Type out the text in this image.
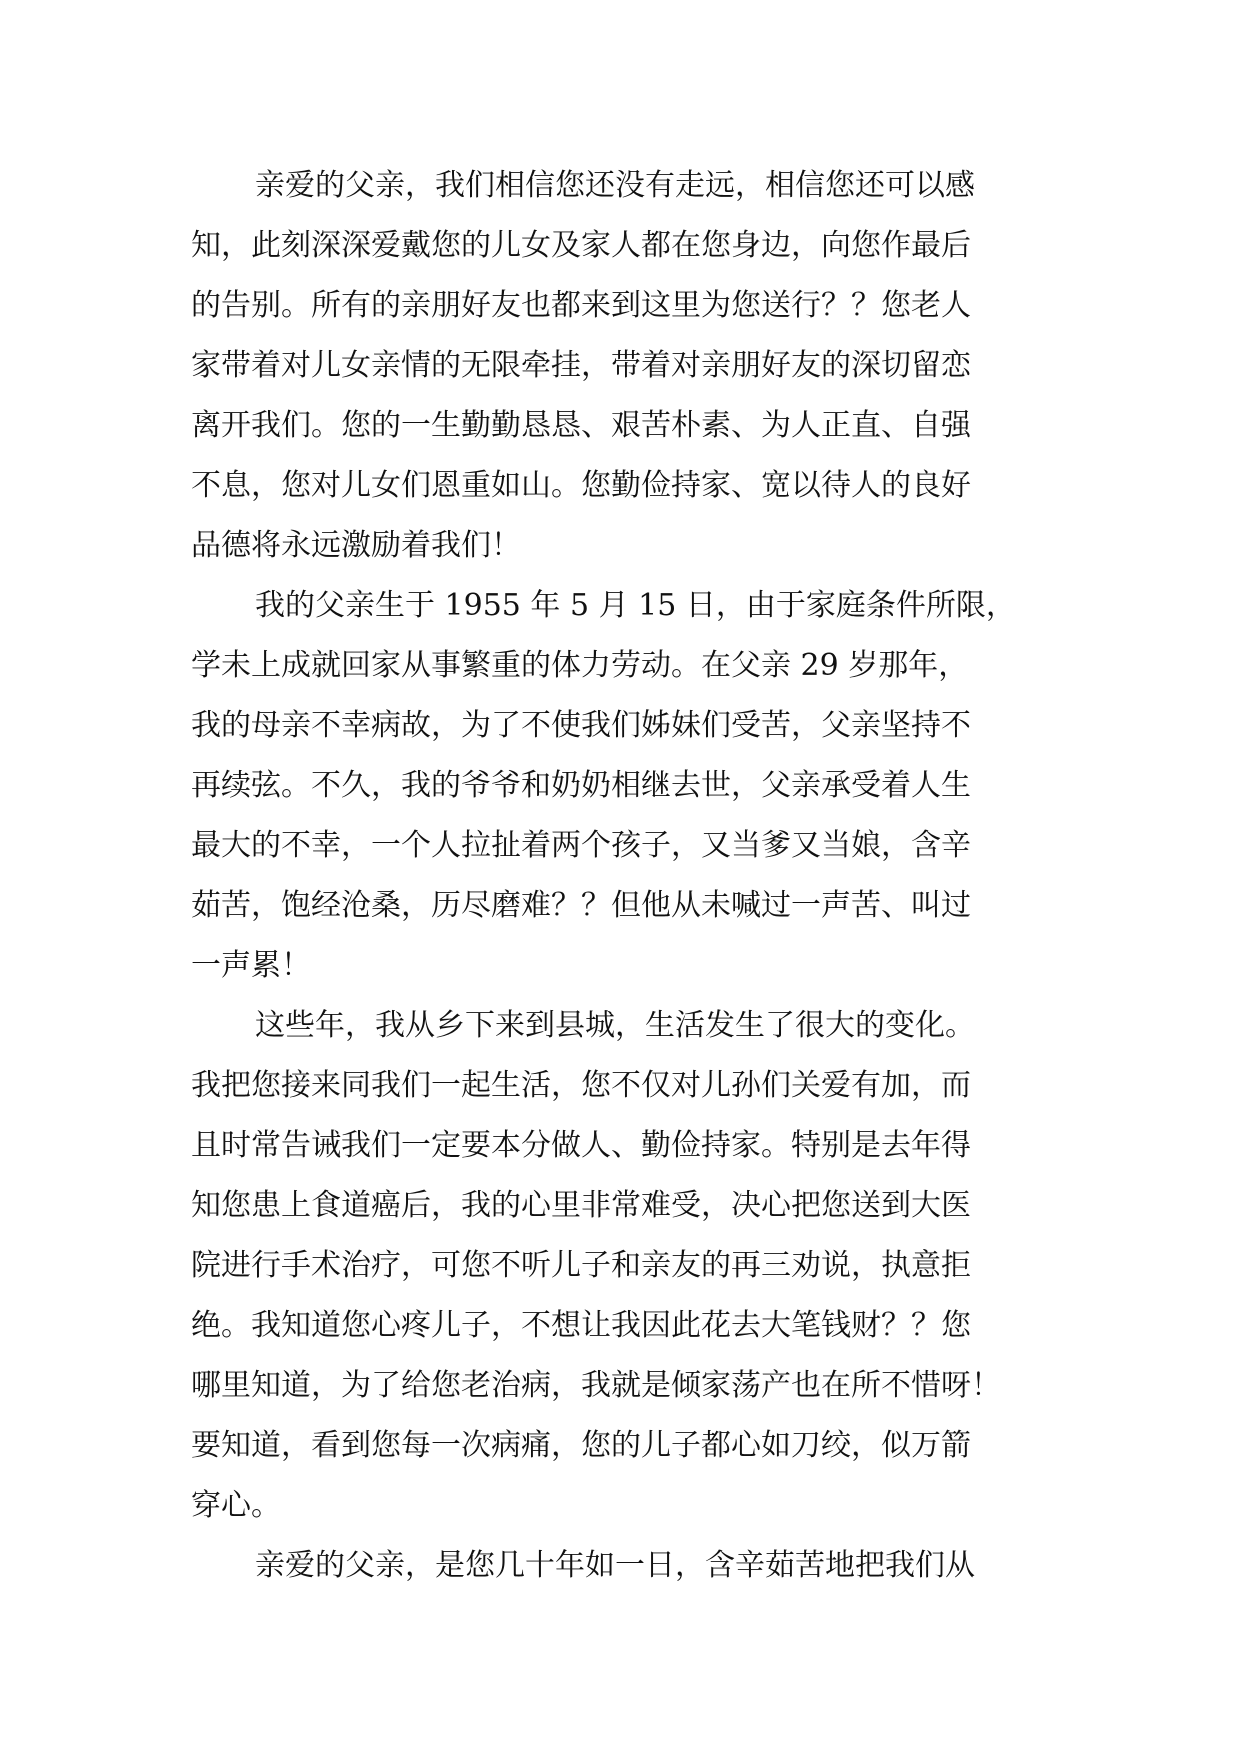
亲爱的父亲，我们相信您还没有走远，相信您还可以感
知，此刻深深爱戴您的儿女及家人都在您身边，向您作最后
的告别。所有的亲朋好友也都来到这里为您送行？？您老人
家带着对儿女亲情的无限牵挂，带着对亲朋好友的深切留恋
离开我们。您的一生勤勤恳恳、艰苦朴素、为人正直、自强
不息，您对儿女们恩重如山。您勤俭持家、宽以待人的良好
品德将永远激励着我们！
我的父亲生于 1955 年 5 月 15 日，由于家庭条件所限，
学未上成就回家从事繁重的体力劳动。在父亲 29 岁那年，
我的母亲不幸病故，为了不使我们姊妹们受苦，父亲坚持不
再续弦。不久，我的爷爷和奶奶相继去世，父亲承受着人生
最大的不幸，一个人拉扯着两个孩子，又当爹又当娘，含辛
茹苦，饱经沧桑，历尽磨难？？但他从未喊过一声苦、叫过
一声累！
这些年，我从乡下来到县城，生活发生了很大的变化。
我把您接来同我们一起生活，您不仅对儿孙们关爱有加，而
且时常告诫我们一定要本分做人、勤俭持家。特别是去年得
知您患上食道癌后，我的心里非常难受，决心把您送到大医
院进行手术治疗，可您不听儿子和亲友的再三劝说，执意拒
绝。我知道您心疼儿子，不想让我因此花去大笔钱财？？您
哪里知道，为了给您老治病，我就是倾家荡产也在所不惜呀！
要知道，看到您每一次病痛，您的儿子都心如刀绞，似万箭
穿心。
亲爱的父亲，是您几十年如一日，含辛茹苦地把我们从
